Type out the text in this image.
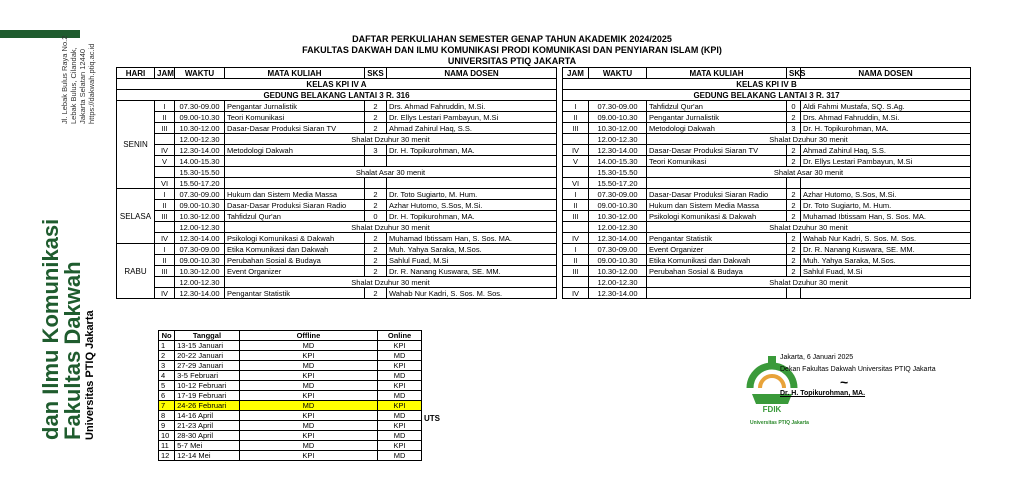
Jl. Lebak Bulus Raya No.2 Lebak Bulus, Cilandak, Jakarta Selatan 12440 https://dakwah.ptiq.ac.id
dan Ilmu Komunikasi
Fakultas Dakwah Universitas PTIQ Jakarta
DAFTAR PERKULIAHAN SEMESTER GENAP TAHUN AKADEMIK 2024/2025
FAKULTAS DAKWAH DAN ILMU KOMUNIKASI PRODI KOMUNIKASI DAN PENYIARAN ISLAM (KPI)
UNIVERSITAS PTIQ JAKARTA
HARI	JAM	WAKTU	MATA KULIAH	SKS	NAMA DOSEN
KELAS KPI IV A					
GEDUNG BELAKANG LANTAI 3 R. 316					
SENIN	I	07.30-09.00	Pengantar Jurnalistik	2	Drs. Ahmad Fahruddin, M.Si.
	II	09.00-10.30	Teori Komunikasi	2	Dr. Ellys Lestari Pambayun, M.Si
	III	10.30-12.00	Dasar-Dasar Produksi Siaran TV	2	Ahmad Zahirul Haq, S.S.
		12.00-12.30	Shalat Dzuhur 30 menit		
	IV	12.30-14.00	Metodologi Dakwah	3	Dr. H. Topikurohman, MA.
	V	14.00-15.30			
		15.30-15.50	Shalat Asar 30 menit		
	VI	15.50-17.20			
SELASA	I	07.30-09.00	Hukum dan Sistem Media Massa	2	Dr. Toto Sugiarto, M. Hum.
	II	09.00-10.30	Dasar-Dasar Produksi Siaran Radio	2	Azhar Hutomo, S.Sos, M.Si.
	III	10.30-12.00	Tahfidzul Qur'an	0	Dr. H. Topikurohman, MA.
		12.00-12.30	Shalat Dzuhur 30 menit		
	IV	12.30-14.00	Psikologi Komunikasi & Dakwah	2	Muhamad Ibtissam Han, S. Sos. MA.
RABU	I	07.30-09.00	Etika Komunikasi dan Dakwah	2	Muh. Yahya Saraka, M.Sos.
	II	09.00-10.30	Perubahan Sosial & Budaya	2	Sahlul Fuad, M.Si
	III	10.30-12.00	Event Organizer	2	Dr. R. Nanang Kuswara, SE. MM.
		12.00-12.30	Shalat Dzuhur 30 menit		
	IV	12.30-14.00	Pengantar Statistik	2	Wahab Nur Kadri, S. Sos. M. Sos.
JAM	WAKTU	MATA KULIAH	SKS	NAMA DOSEN
KELAS KPI IV B				
GEDUNG BELAKANG LANTAI 3 R. 317				
I	07.30-09.00	Tahfidzul Qur'an	0	Aldi Fahmi Mustafa, SQ. S.Ag.
II	09.00-10.30	Pengantar Jurnalistik	2	Drs. Ahmad Fahruddin, M.Si.
III	10.30-12.00	Metodologi Dakwah	3	Dr. H. Topikurohman, MA.
	12.00-12.30	Shalat Dzuhur 30 menit		
IV	12.30-14.00	Dasar-Dasar Produksi Siaran TV	2	Ahmad Zahirul Haq, S.S.
V	14.00-15.30	Teori Komunikasi	2	Dr. Ellys Lestari Pambayun, M.Si
	15.30-15.50	Shalat Asar 30 menit		
VI	15.50-17.20			
I	07.30-09.00	Dasar-Dasar Produksi Siaran Radio	2	Azhar Hutomo, S.Sos, M.Si.
II	09.00-10.30	Hukum dan Sistem Media Massa	2	Dr. Toto Sugiarto, M. Hum.
III	10.30-12.00	Psikologi Komunikasi & Dakwah	2	Muhamad Ibtissam Han, S. Sos. MA.
	12.00-12.30	Shalat Dzuhur 30 menit		
IV	12.30-14.00	Pengantar Statistik	2	Wahab Nur Kadri, S. Sos. M. Sos.
I	07.30-09.00	Event Organizer	2	Dr. R. Nanang Kuswara, SE. MM.
II	09.00-10.30	Etika Komunikasi dan Dakwah	2	Muh. Yahya Saraka, M.Sos.
III	10.30-12.00	Perubahan Sosial & Budaya	2	Sahlul Fuad, M.Si
	12.00-12.30	Shalat Dzuhur 30 menit		
IV	12.30-14.00			
No	Tanggal	Offline	Online
1	13-15 Januari	MD	KPI
2	20-22 Januari	KPI	MD
3	27-29 Januari	MD	KPI
4	3-5 Februari	KPI	MD
5	10-12 Februari	MD	KPI
6	17-19 Februari	KPI	MD
7	24-26 Februari	MD	KPI
8	14-16 April	KPI	MD
9	21-23 April	MD	KPI
10	28-30 April	KPI	MD
11	5-7 Mei	MD	KPI
12	12-14 Mei	KPI	MD
UTS
FDIK
Jakarta, 6 Januari 2025
Dekan Fakultas Dakwah Universitas PTIQ Jakarta
~
Dr. H. Topikurohman, MA.
Universitas PTIQ Jakarta
